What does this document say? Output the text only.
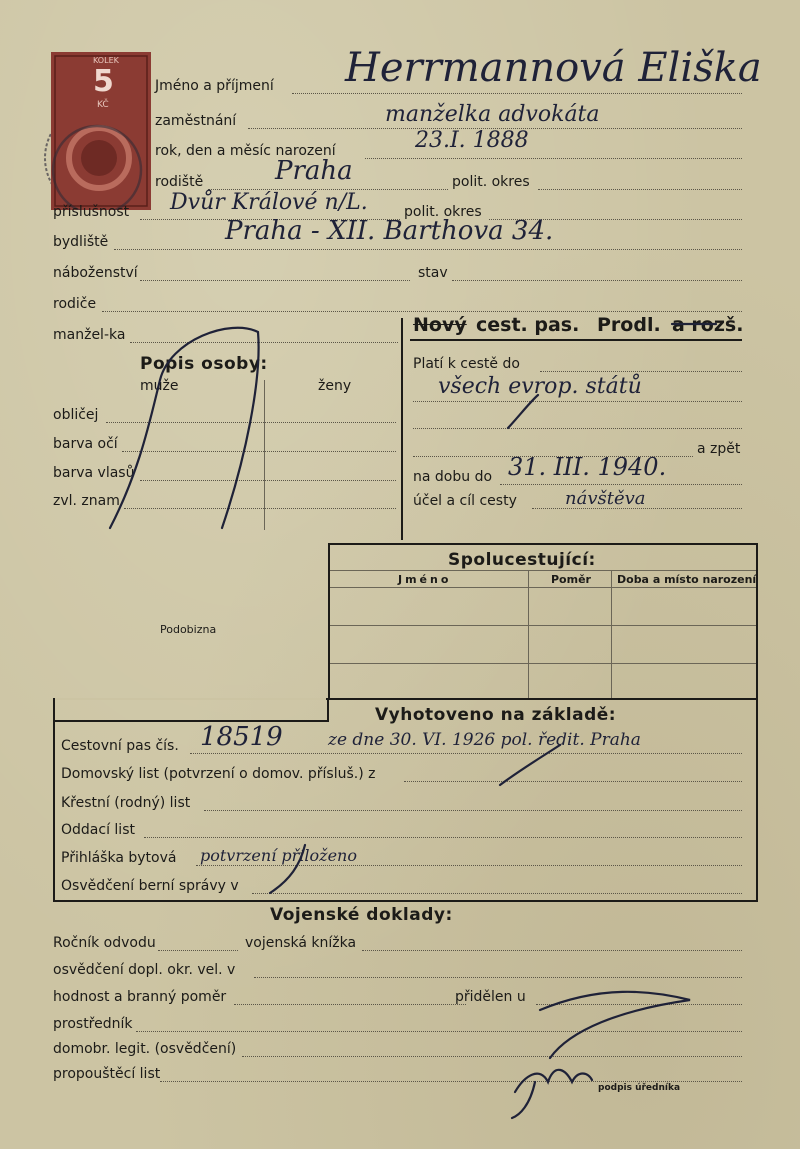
KOLEK
5
KČ
Jméno a příjmení Herrmannová Eliška
zaměstnání	manželka advokáta
rok, den a měsíc narození	23.I. 1888
rodiště	Praha	polit. okres
příslušnost Dvůr Králové n/L.	polit. okres
bydliště	Praha - XII. Barthova 34.
náboženství	stav
rodiče
manžel-ka
Popis osoby:
muže	ženy
obličej
barva očí
barva vlasů
zvl. znam
Nový cest. pas. Prodl. a rozš.
Platí k cestě do
všech evrop. států
a zpět
na dobu do 31. III. 1940.
účel a cíl cesty	návštěva
Podobizna
Spolucestující:
Jméno	Poměr Doba a místo narození
Vyhotoveno na základě:
Cestovní pas čís. 18519	ze dne 30. VI. 1926 pol. ředit. Praha
Domovský list (potvrzení o domov. přísluš.) z
Křestní (rodný) list
Oddací list
Přihláška bytová potvrzení přiloženo
Osvědčení berní správy v
Vojenské doklady:
Ročník odvodu	vojenská knížka
osvědčení dopl. okr. vel. v
hodnost a branný poměr	přidělen u
prostředník
domobr. legit. (osvědčení)
propouštěcí list
podpis úředníka
